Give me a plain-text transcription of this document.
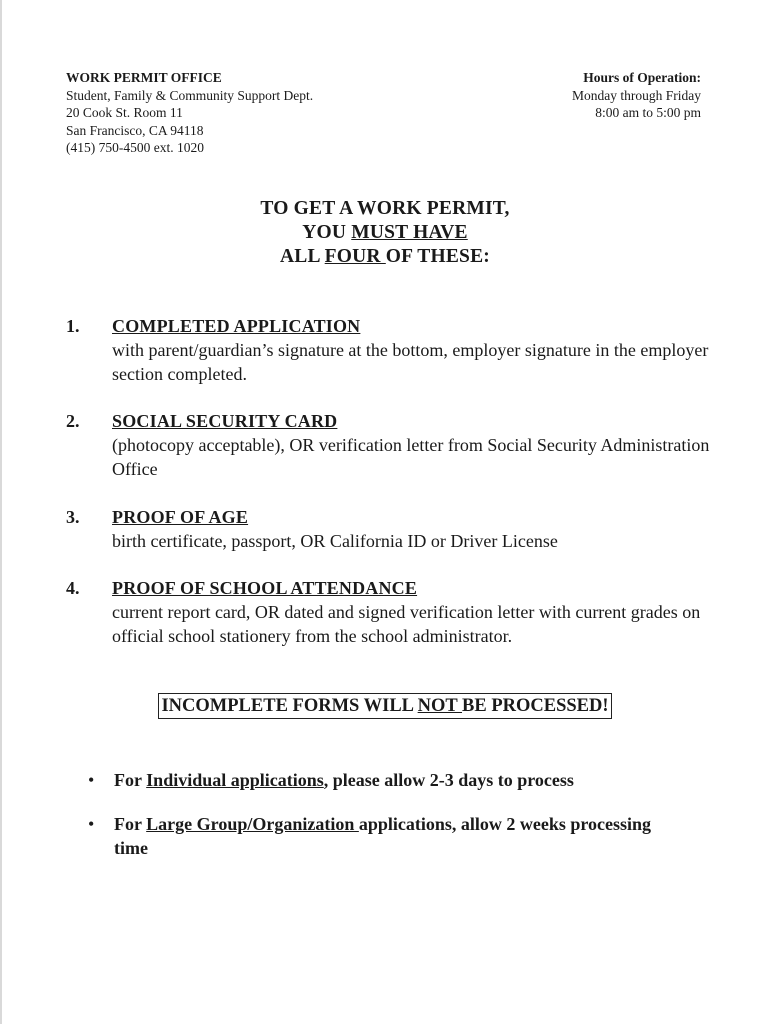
WORK PERMIT OFFICE
Student, Family & Community Support Dept.
20 Cook St. Room 11
San Francisco, CA 94118
(415) 750-4500 ext. 1020
Hours of Operation:
Monday through Friday
8:00 am to 5:00 pm
TO GET A WORK PERMIT,
YOU MUST HAVE
ALL FOUR OF THESE:
1. COMPLETED APPLICATION
with parent/guardian’s signature at the bottom, employer signature in the employer section completed.
2. SOCIAL SECURITY CARD
(photocopy acceptable), OR verification letter from Social Security Administration Office
3. PROOF OF AGE
birth certificate, passport, OR California ID or Driver License
4. PROOF OF SCHOOL ATTENDANCE
current report card, OR dated and signed verification letter with current grades on official school stationery from the school administrator.
INCOMPLETE FORMS WILL NOT BE PROCESSED!
• For Individual applications, please allow 2-3 days to process
• For Large Group/Organization applications, allow 2 weeks processing time
